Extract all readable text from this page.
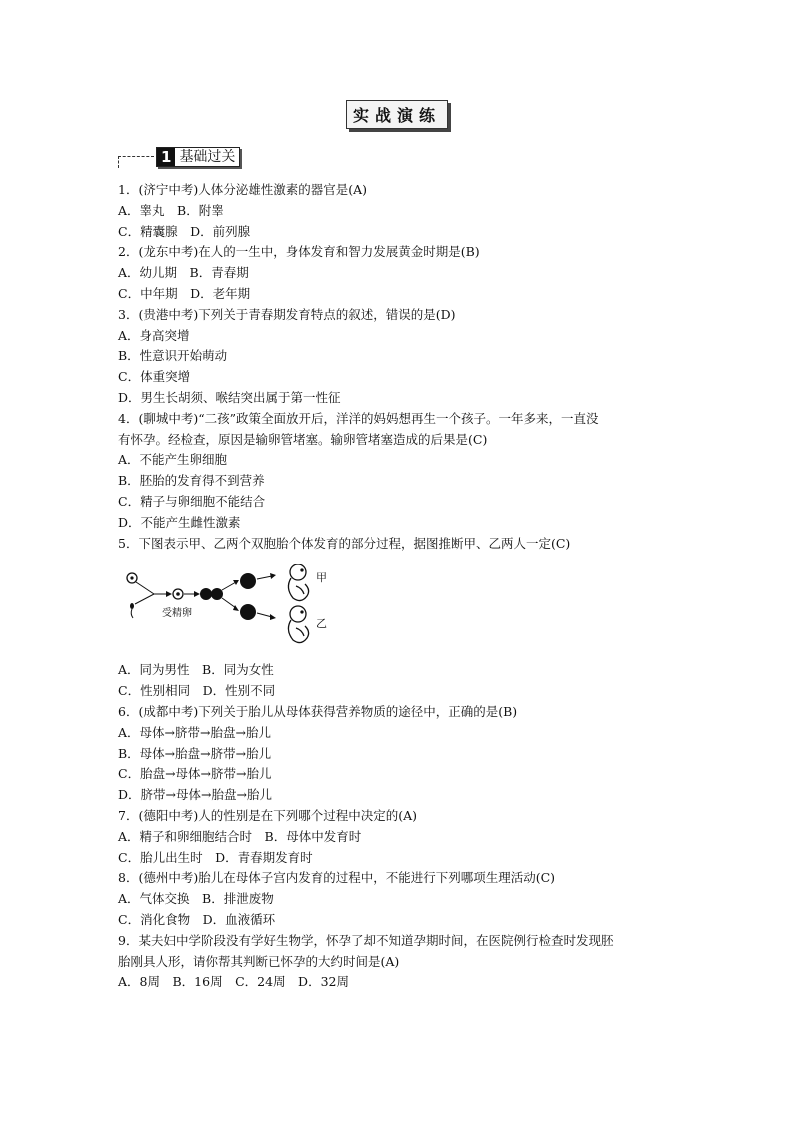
实战演练
1 基础过关
1．(济宁中考)人体分泌雄性激素的器官是(A)
A．睾丸　B．附睾
C．精囊腺　D．前列腺
2．(龙东中考)在人的一生中，身体发育和智力发展黄金时期是(B)
A．幼儿期　B．青春期
C．中年期　D．老年期
3．(贵港中考)下列关于青春期发育特点的叙述，错误的是(D)
A．身高突增
B．性意识开始萌动
C．体重突增
D．男生长胡须、喉结突出属于第一性征
4．(聊城中考)“二孩”政策全面放开后，洋洋的妈妈想再生一个孩子。一年多来，一直没
有怀孕。经检查，原因是输卵管堵塞。输卵管堵塞造成的后果是(C)
A．不能产生卵细胞
B．胚胎的发育得不到营养
C．精子与卵细胞不能结合
D．不能产生雌性激素
5．下图表示甲、乙两个双胞胎个体发育的部分过程，据图推断甲、乙两人一定(C)
受精卵
甲
乙
A．同为男性　B．同为女性
C．性别相同　D．性别不同
6．(成都中考)下列关于胎儿从母体获得营养物质的途径中，正确的是(B)
A．母体→脐带→胎盘→胎儿
B．母体→胎盘→脐带→胎儿
C．胎盘→母体→脐带→胎儿
D．脐带→母体→胎盘→胎儿
7．(德阳中考)人的性别是在下列哪个过程中决定的(A)
A．精子和卵细胞结合时　B．母体中发育时
C．胎儿出生时　D．青春期发育时
8．(德州中考)胎儿在母体子宫内发育的过程中，不能进行下列哪项生理活动(C)
A．气体交换　B．排泄废物
C．消化食物　D．血液循环
9．某夫妇中学阶段没有学好生物学，怀孕了却不知道孕期时间，在医院例行检查时发现胚
胎刚具人形，请你帮其判断已怀孕的大约时间是(A)
A．8周　B．16周　C．24周　D．32周
